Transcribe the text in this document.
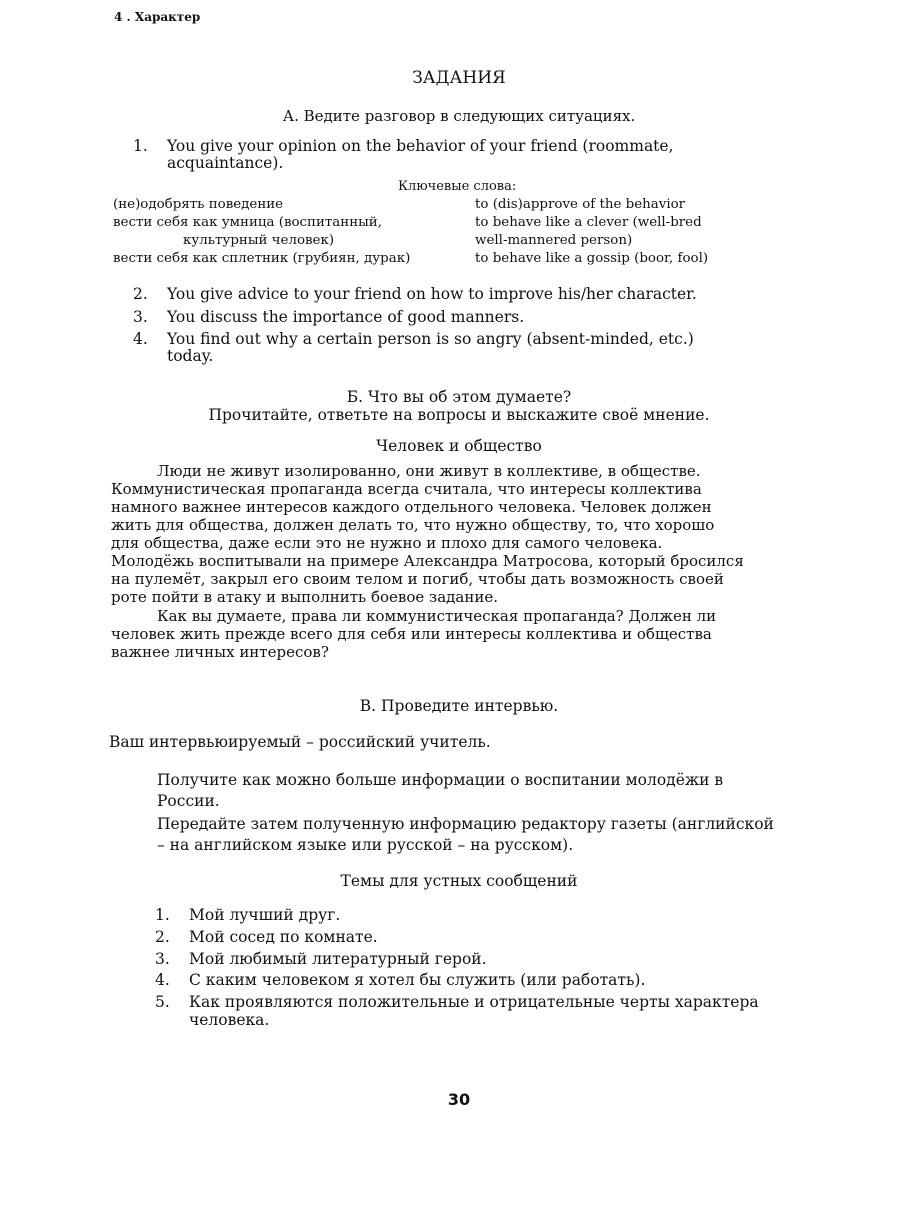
4 . Характер
ЗАДАНИЯ
А. Ведите разговор в следующих ситуациях.
1. You give your opinion on the behavior of your friend (roommate,
acquaintance).
Ключевые слова:
(не)одобрять поведение	to (dis)approve of the behavior
вести себя как умница (воспитанный,	to behave like a clever (well-bred
культурный человек)	well-mannered person)
вести себя как сплетник (грубиян, дурак)	to behave like a gossip (boor, fool)
2. You give advice to your friend on how to improve his/her character.
3. You discuss the importance of good manners.
4. You find out why a certain person is so angry (absent-minded, etc.)
today.
Б. Что вы об этом думаете?
Прочитайте, ответьте на вопросы и выскажите своё мнение.
Человек и общество
Люди не живут изолированно, они живут в коллективе, в обществе.
Коммунистическая пропаганда всегда считала, что интересы коллектива
намного важнее интересов каждого отдельного человека. Человек должен
жить для общества, должен делать то, что нужно обществу, то, что хорошо
для общества, даже если это не нужно и плохо для самого человека.
Молодёжь воспитывали на примере Александра Матросова, который бросился
на пулемёт, закрыл его своим телом и погиб, чтобы дать возможность своей
роте пойти в атаку и выполнить боевое задание.
Как вы думаете, права ли коммунистическая пропаганда? Должен ли
человек жить прежде всего для себя или интересы коллектива и общества
важнее личных интересов?
В. Проведите интервью.
Ваш интервьюируемый – российский учитель.
Получите как можно больше информации о воспитании молодёжи в
России.
Передайте затем полученную информацию редактору газеты (английской
– на английском языке или русской – на русском).
Темы для устных сообщений
1. Мой лучший друг.
2. Мой сосед по комнате.
3. Мой любимый литературный герой.
4. С каким человеком я хотел бы служить (или работать).
5. Как проявляются положительные и отрицательные черты характера
человека.
30
